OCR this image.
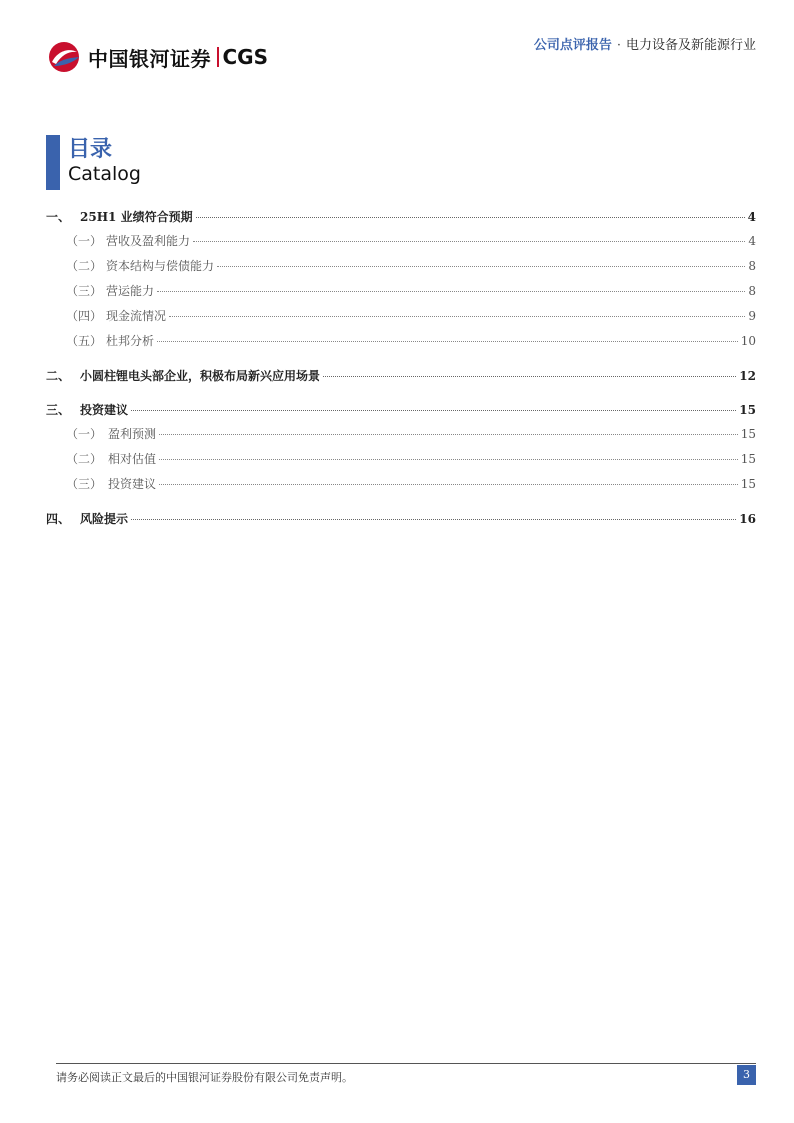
中国银河证券 CGS	公司点评报告 · 电力设备及新能源行业
目录
Catalog
一、 25H1 业绩符合预期	4
（一） 营收及盈利能力	4
（二） 资本结构与偿债能力	8
（三） 营运能力	8
（四） 现金流情况	9
（五） 杜邦分析	10
二、 小圆柱锂电头部企业，积极布局新兴应用场景	12
三、 投资建议	15
（一） 盈利预测	15
（二） 相对估值	15
（三） 投资建议	15
四、 风险提示	16
请务必阅读正文最后的中国银河证券股份有限公司免责声明。	3
